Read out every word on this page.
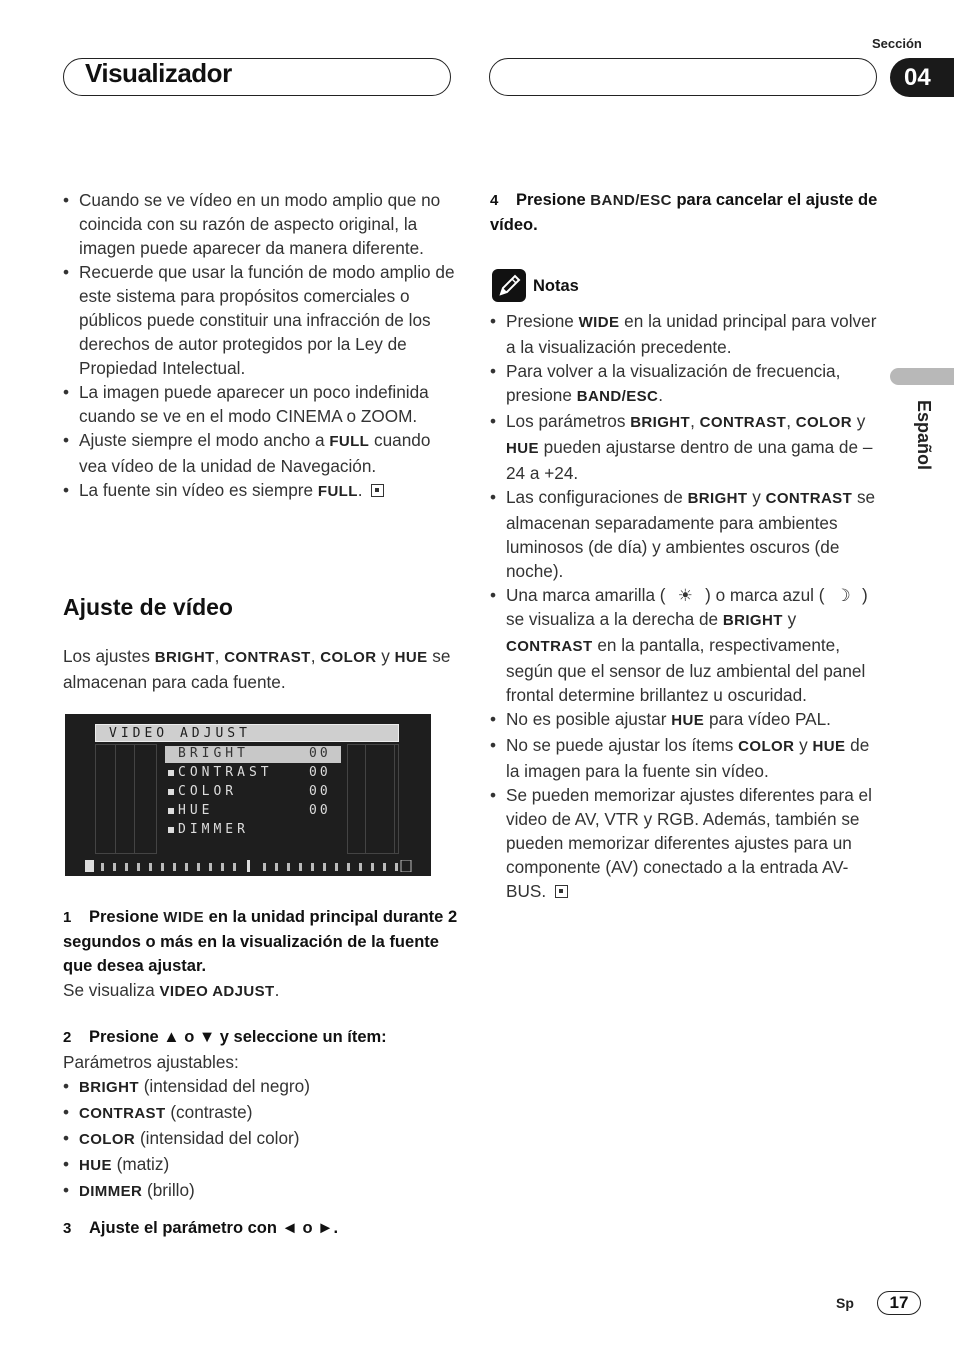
Sección
Visualizador	04
Español
• Cuando se ve vídeo en un modo amplio que no coincida con su razón de aspecto original, la imagen puede aparecer da manera diferente.
• Recuerde que usar la función de modo amplio de este sistema para propósitos comerciales o públicos puede constituir una infracción de los derechos de autor protegidos por la Ley de Propiedad Intelectual.
• La imagen puede aparecer un poco indefinida cuando se ve en el modo CINEMA o ZOOM.
• Ajuste siempre el modo ancho a FULL cuando vea vídeo de la unidad de Navegación.
• La fuente sin vídeo es siempre FULL.
Ajuste de vídeo
Los ajustes BRIGHT, CONTRAST, COLOR y HUE se almacenan para cada fuente.
VIDEO ADJUST
BRIGHT	00
CONTRAST	00
COLOR	00
HUE	00
DIMMER
1 Presione WIDE en la unidad principal durante 2 segundos o más en la visualización de la fuente que desea ajustar.
Se visualiza VIDEO ADJUST.
2 Presione ▲ o ▼ y seleccione un ítem:
Parámetros ajustables:
• BRIGHT (intensidad del negro)
• CONTRAST (contraste)
• COLOR (intensidad del color)
• HUE (matiz)
• DIMMER (brillo)
3 Ajuste el parámetro con ◄ o ►.
4 Presione BAND/ESC para cancelar el ajuste de vídeo.
Notas
• Presione WIDE en la unidad principal para volver a la visualización precedente.
• Para volver a la visualización de frecuencia, presione BAND/ESC.
• Los parámetros BRIGHT, CONTRAST, COLOR y HUE pueden ajustarse dentro de una gama de –24 a +24.
• Las configuraciones de BRIGHT y CONTRAST se almacenan separadamente para ambientes luminosos (de día) y ambientes oscuros (de noche).
• Una marca amarilla ( ☀ ) o marca azul ( ☽ ) se visualiza a la derecha de BRIGHT y CONTRAST en la pantalla, respectivamente, según que el sensor de luz ambiental del panel frontal determine brillantez u oscuridad.
• No es posible ajustar HUE para vídeo PAL.
• No se puede ajustar los ítems COLOR y HUE de la imagen para la fuente sin vídeo.
• Se pueden memorizar ajustes diferentes para el video de AV, VTR y RGB. Además, también se pueden memorizar diferentes ajustes para un componente (AV) conectado a la entrada AV-BUS.
Sp	17
